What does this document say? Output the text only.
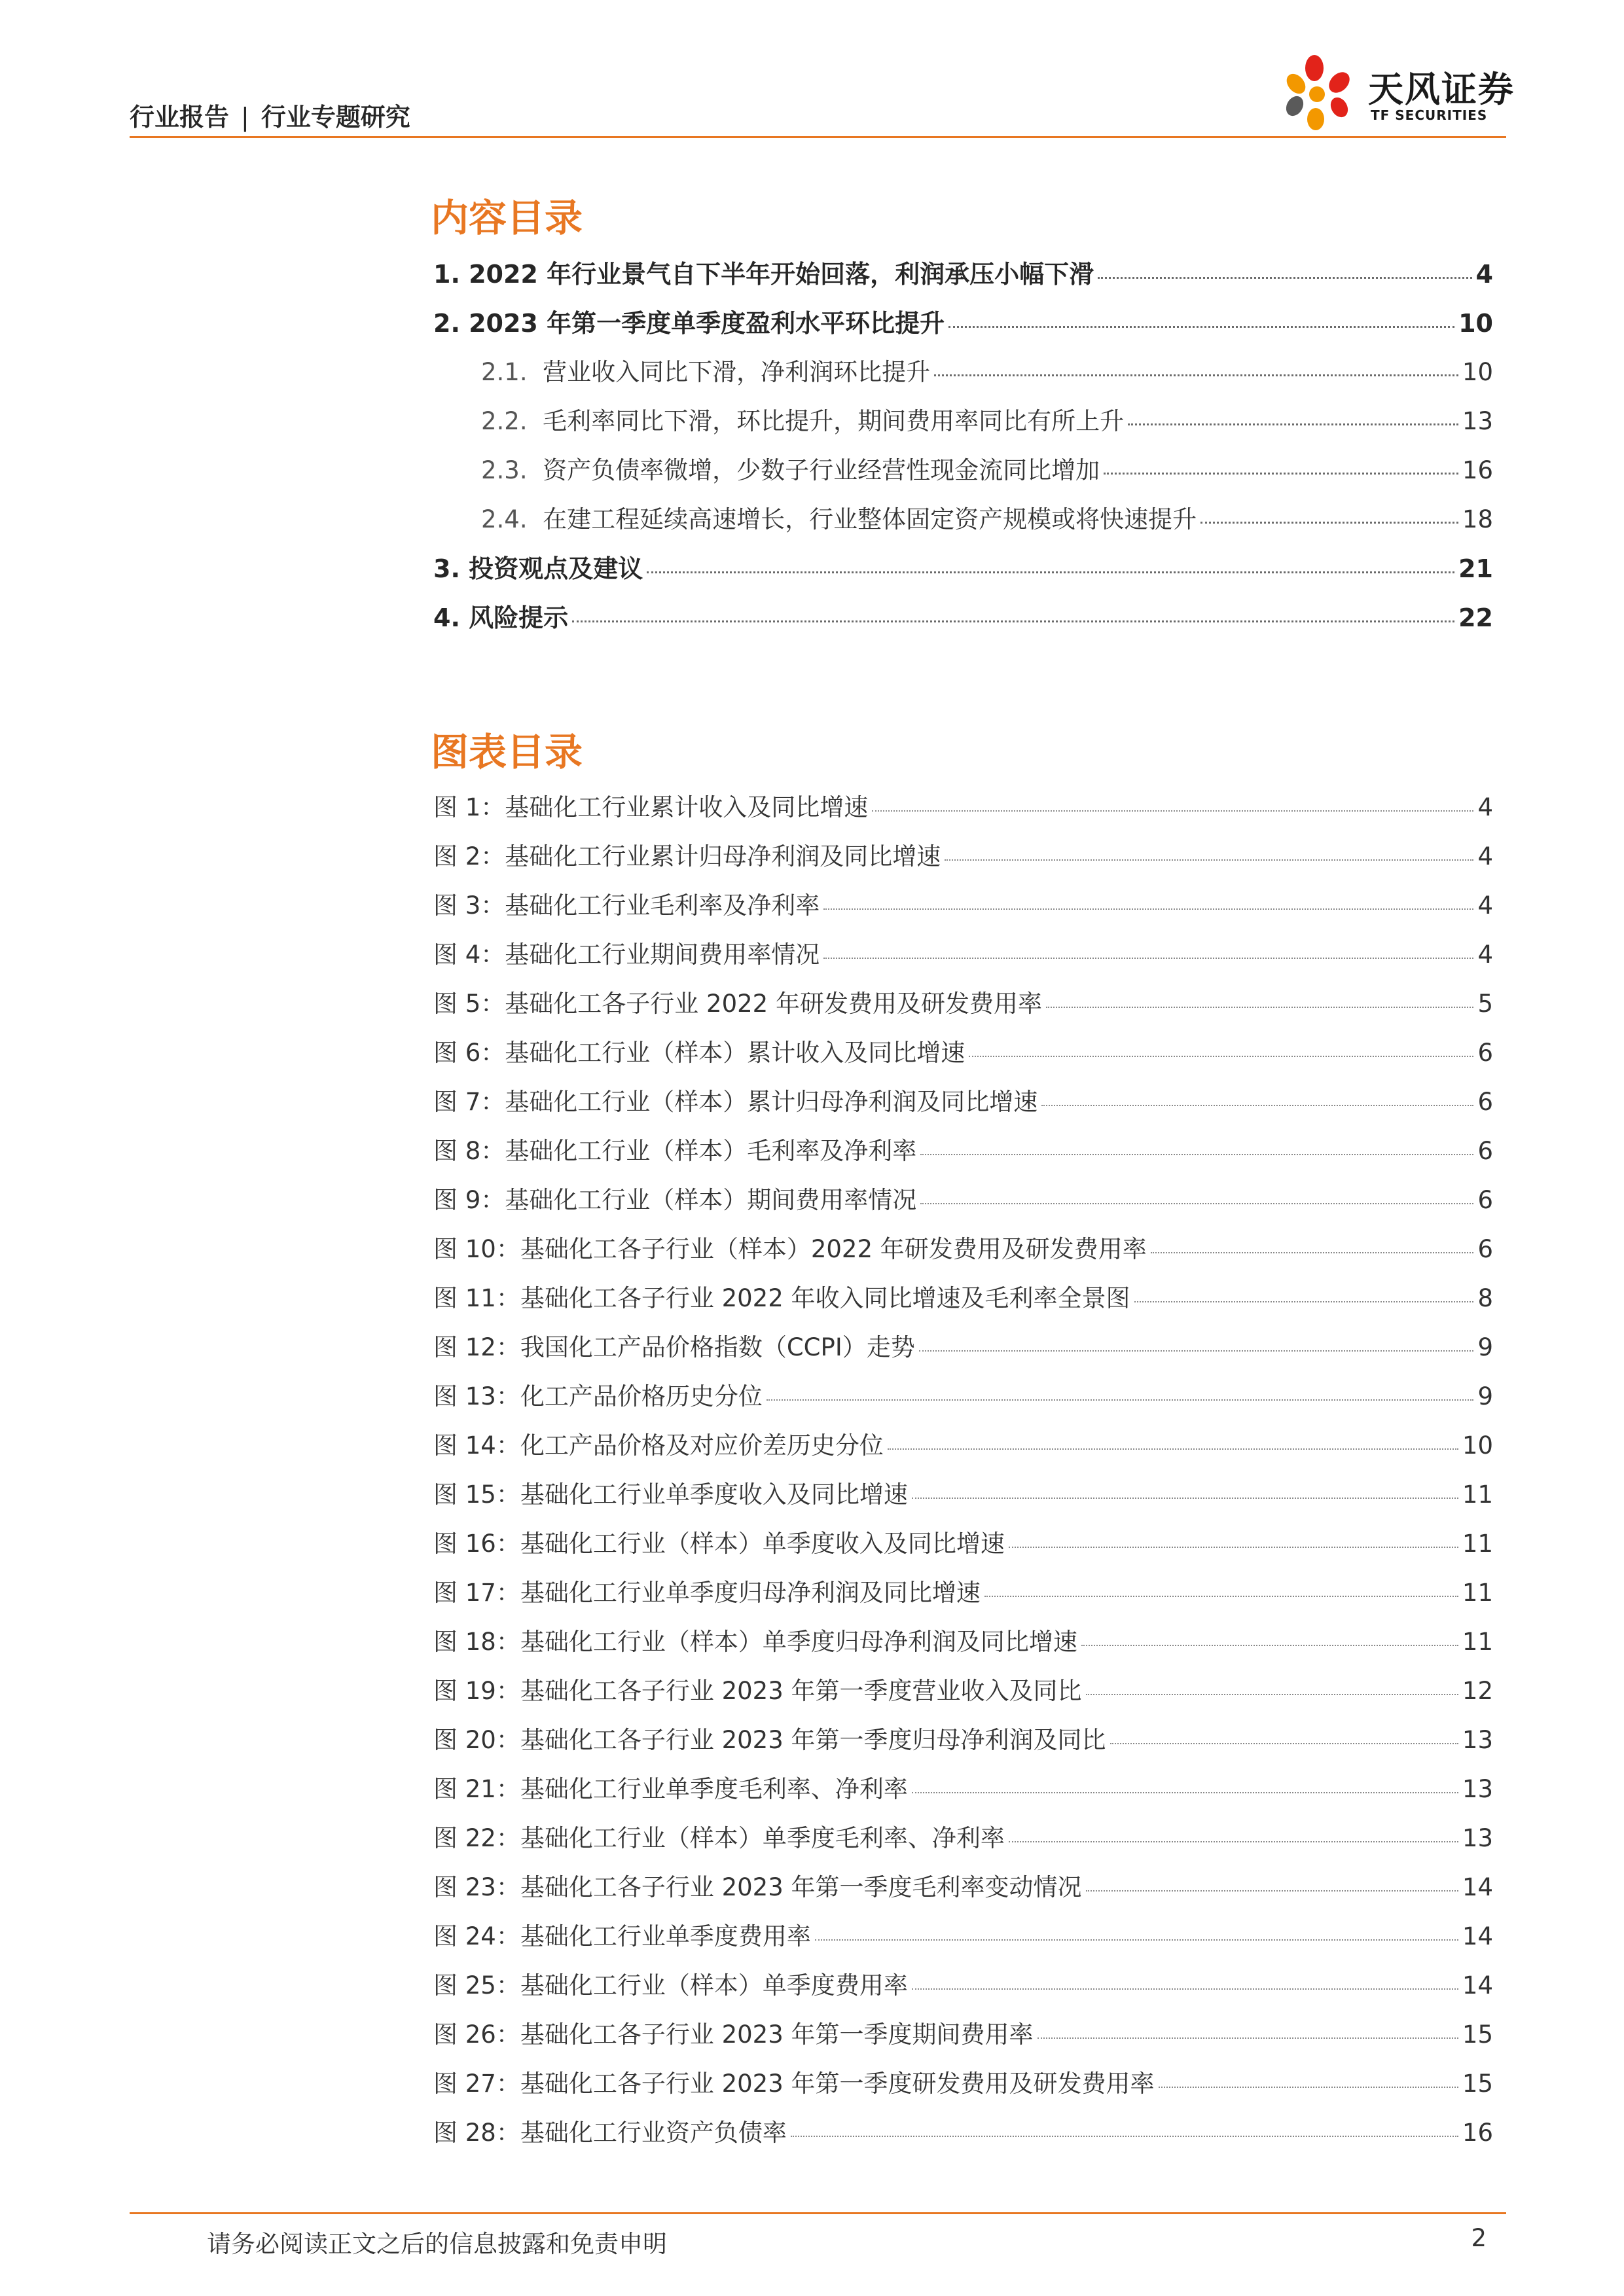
行业报告 | 行业专题研究
天风证券
TF SECURITIES
内容目录
1. 2022 年行业景气自下半年开始回落，利润承压小幅下滑	4
2. 2023 年第一季度单季度盈利水平环比提升	10
2.1. 营业收入同比下滑，净利润环比提升	10
2.2. 毛利率同比下滑，环比提升，期间费用率同比有所上升	13
2.3. 资产负债率微增，少数子行业经营性现金流同比增加	16
2.4. 在建工程延续高速增长，行业整体固定资产规模或将快速提升	18
3. 投资观点及建议	21
4. 风险提示	22
图表目录
图 1：基础化工行业累计收入及同比增速	4
图 2：基础化工行业累计归母净利润及同比增速	4
图 3：基础化工行业毛利率及净利率	4
图 4：基础化工行业期间费用率情况	4
图 5：基础化工各子行业 2022 年研发费用及研发费用率	5
图 6：基础化工行业（样本）累计收入及同比增速	6
图 7：基础化工行业（样本）累计归母净利润及同比增速	6
图 8：基础化工行业（样本）毛利率及净利率	6
图 9：基础化工行业（样本）期间费用率情况	6
图 10：基础化工各子行业（样本）2022 年研发费用及研发费用率	6
图 11：基础化工各子行业 2022 年收入同比增速及毛利率全景图	8
图 12：我国化工产品价格指数（CCPI）走势	9
图 13：化工产品价格历史分位	9
图 14：化工产品价格及对应价差历史分位	10
图 15：基础化工行业单季度收入及同比增速	11
图 16：基础化工行业（样本）单季度收入及同比增速	11
图 17：基础化工行业单季度归母净利润及同比增速	11
图 18：基础化工行业（样本）单季度归母净利润及同比增速	11
图 19：基础化工各子行业 2023 年第一季度营业收入及同比	12
图 20：基础化工各子行业 2023 年第一季度归母净利润及同比	13
图 21：基础化工行业单季度毛利率、净利率	13
图 22：基础化工行业（样本）单季度毛利率、净利率	13
图 23：基础化工各子行业 2023 年第一季度毛利率变动情况	14
图 24：基础化工行业单季度费用率	14
图 25：基础化工行业（样本）单季度费用率	14
图 26：基础化工各子行业 2023 年第一季度期间费用率	15
图 27：基础化工各子行业 2023 年第一季度研发费用及研发费用率	15
图 28：基础化工行业资产负债率	16
请务必阅读正文之后的信息披露和免责申明	2
